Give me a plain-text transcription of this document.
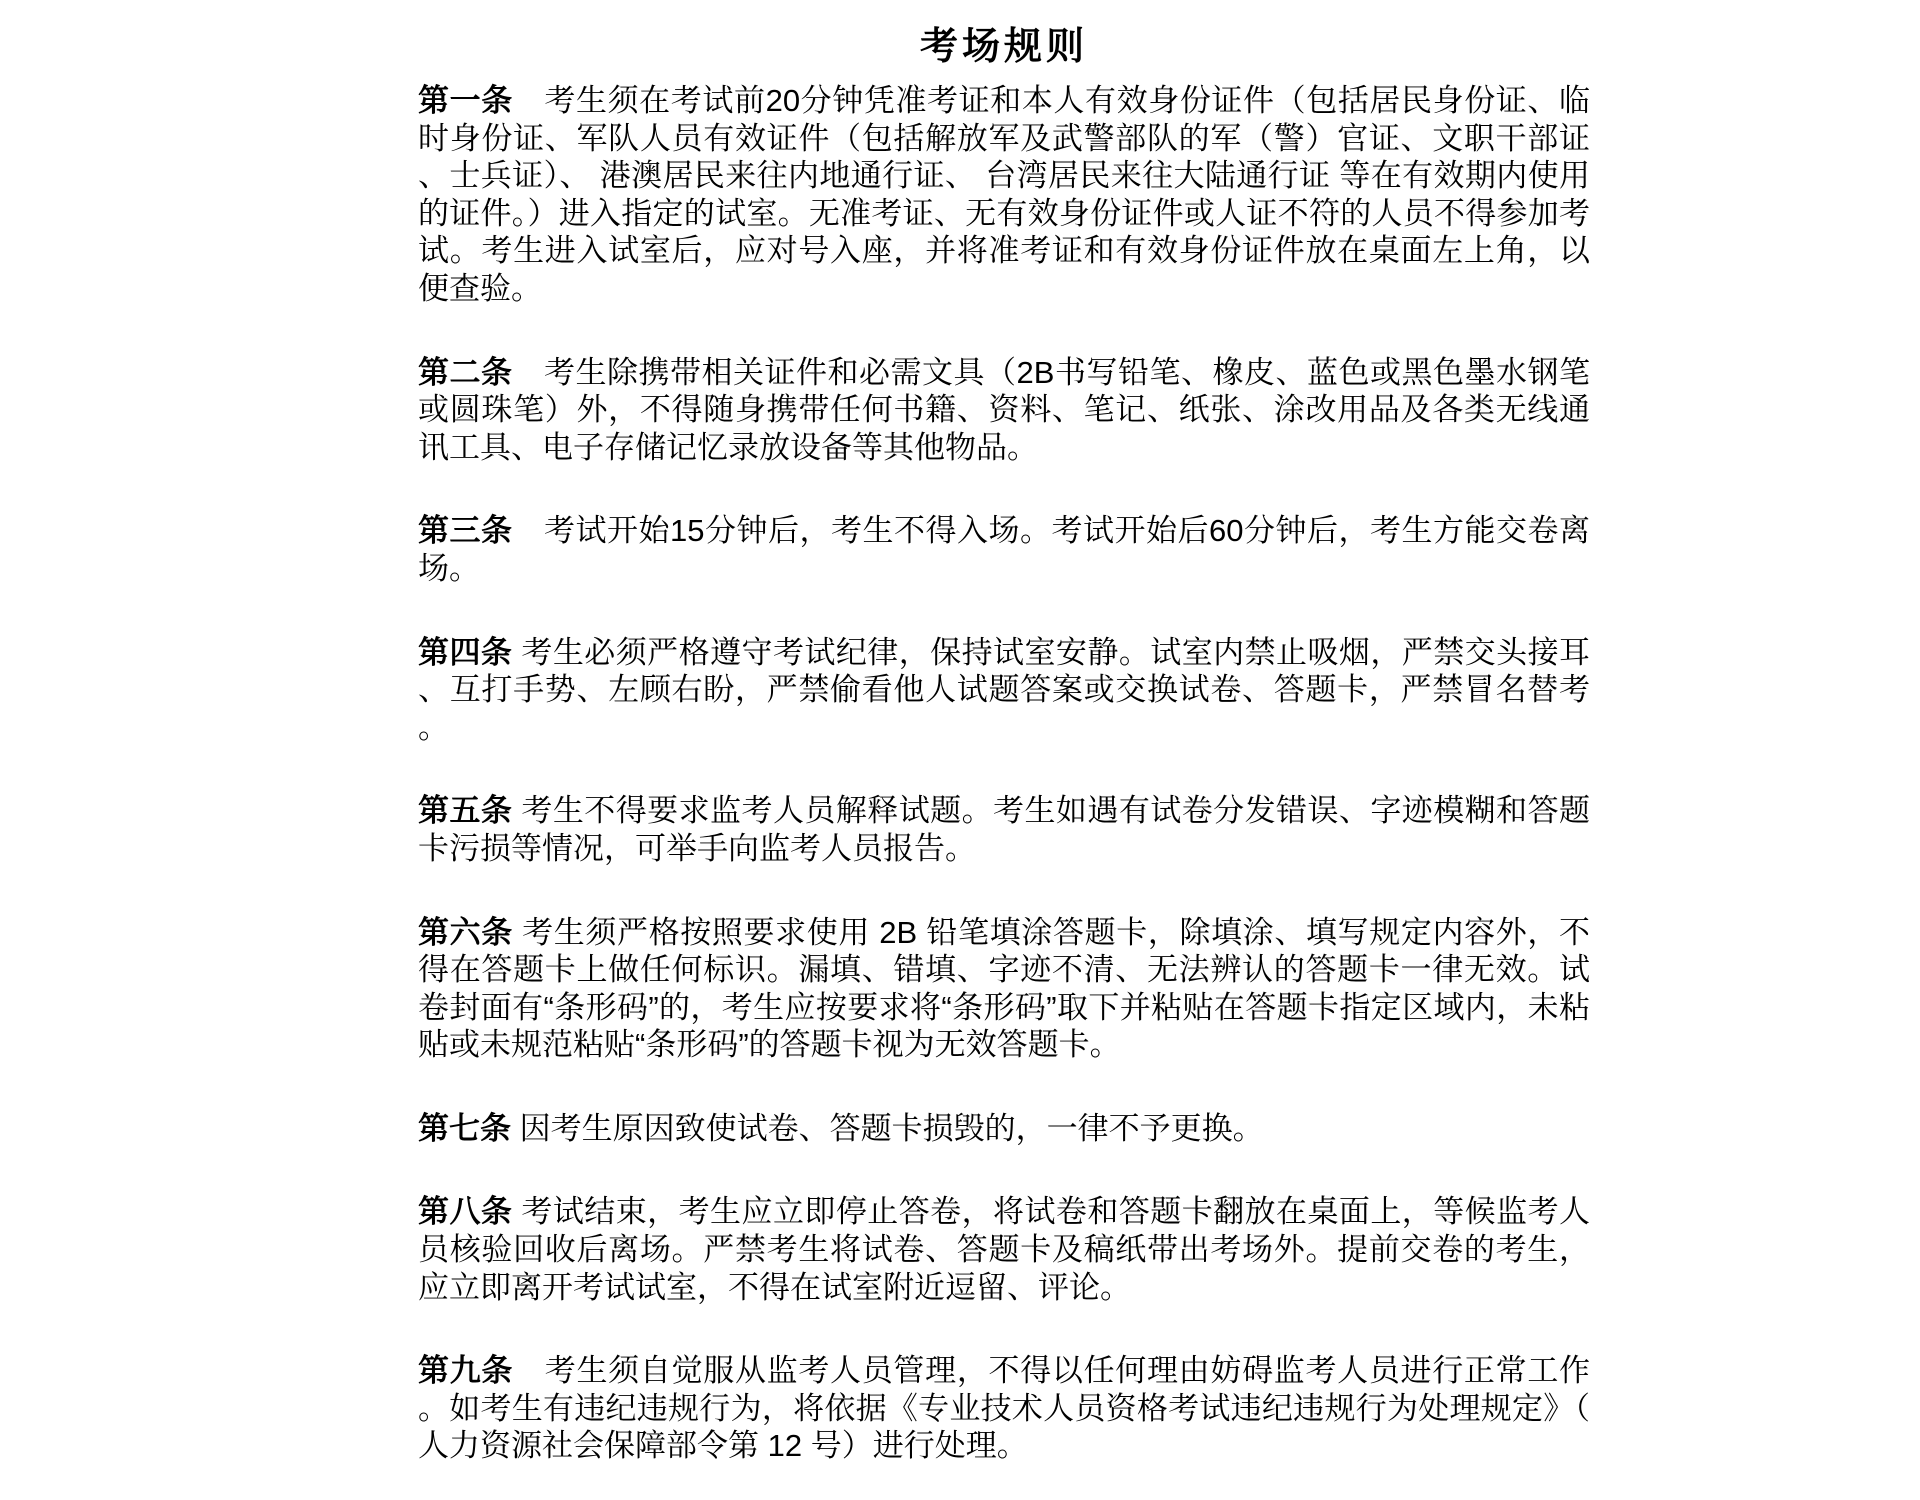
考场规则

第一条　考生须在考试前20分钟凭准考证和本人有效身份证件（包括居民身份证、临时身份证、军队人员有效证件（包括解放军及武警部队的军（警）官证、文职干部证、士兵证）、 港澳居民来往内地通行证、 台湾居民来往大陆通行证 等在有效期内使用的证件。）进入指定的试室。无准考证、无有效身份证件或人证不符的人员不得参加考试。考生进入试室后，应对号入座，并将准考证和有效身份证件放在桌面左上角，以便查验。

第二条　考生除携带相关证件和必需文具（2B书写铅笔、橡皮、蓝色或黑色墨水钢笔或圆珠笔）外，不得随身携带任何书籍、资料、笔记、纸张、涂改用品及各类无线通讯工具、电子存储记忆录放设备等其他物品。

第三条　考试开始15分钟后，考生不得入场。考试开始后60分钟后，考生方能交卷离场。

第四条 考生必须严格遵守考试纪律，保持试室安静。试室内禁止吸烟，严禁交头接耳、互打手势、左顾右盼，严禁偷看他人试题答案或交换试卷、答题卡，严禁冒名替考。

第五条 考生不得要求监考人员解释试题。考生如遇有试卷分发错误、字迹模糊和答题卡污损等情况，可举手向监考人员报告。

第六条 考生须严格按照要求使用 2B 铅笔填涂答题卡，除填涂、填写规定内容外，不得在答题卡上做任何标识。漏填、错填、字迹不清、无法辨认的答题卡一律无效。试卷封面有“条形码”的，考生应按要求将“条形码”取下并粘贴在答题卡指定区域内，未粘贴或未规范粘贴“条形码”的答题卡视为无效答题卡。

第七条 因考生原因致使试卷、答题卡损毁的，一律不予更换。

第八条 考试结束，考生应立即停止答卷，将试卷和答题卡翻放在桌面上，等候监考人员核验回收后离场。严禁考生将试卷、答题卡及稿纸带出考场外。提前交卷的考生，应立即离开考试试室，不得在试室附近逗留、评论。

第九条　考生须自觉服从监考人员管理，不得以任何理由妨碍监考人员进行正常工作。如考生有违纪违规行为，将依据《专业技术人员资格考试违纪违规行为处理规定》（人力资源社会保障部令第 12 号）进行处理。
